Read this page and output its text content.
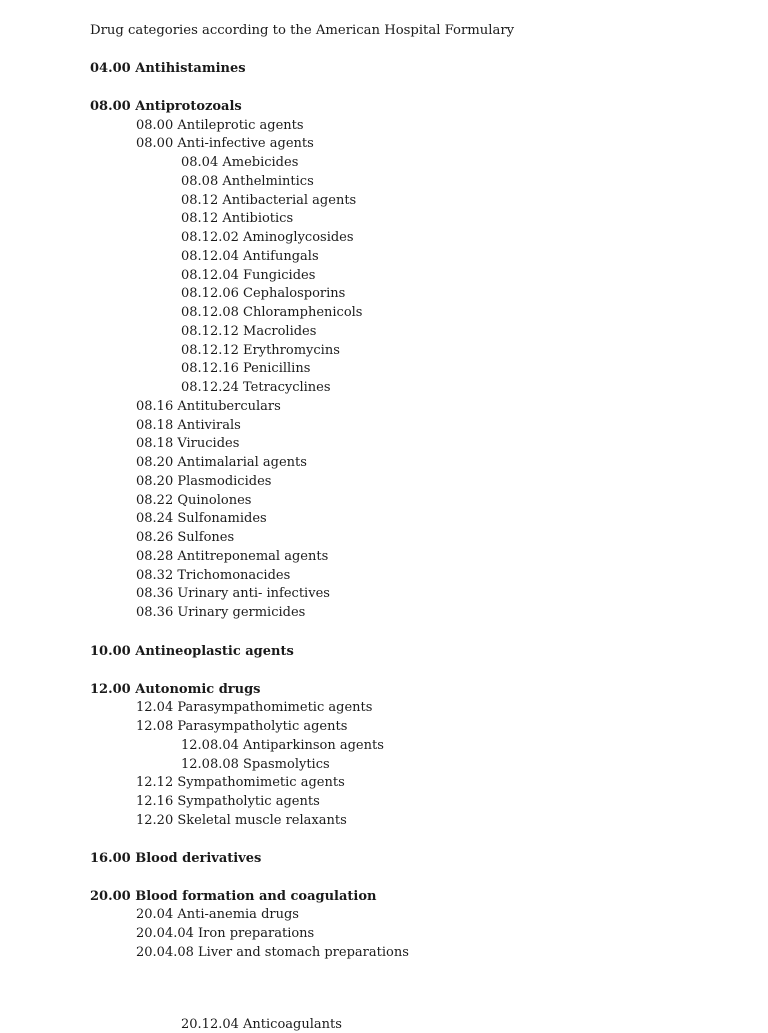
Drug categories according to the American Hospital Formulary
04.00 Antihistamines
08.00 Antiprotozoals
08.00 Antileprotic agents
08.00 Anti-infective agents
08.04 Amebicides
08.08 Anthelmintics
08.12 Antibacterial agents
08.12 Antibiotics
08.12.02 Aminoglycosides
08.12.04 Antifungals
08.12.04 Fungicides
08.12.06 Cephalosporins
08.12.08 Chloramphenicols
08.12.12 Macrolides
08.12.12 Erythromycins
08.12.16 Penicillins
08.12.24 Tetracyclines
08.16 Antituberculars
08.18 Antivirals
08.18 Virucides
08.20 Antimalarial agents
08.20 Plasmodicides
08.22 Quinolones
08.24 Sulfonamides
08.26 Sulfones
08.28 Antitreponemal agents
08.32 Trichomonacides
08.36 Urinary anti- infectives
08.36 Urinary germicides
10.00 Antineoplastic agents
12.00 Autonomic drugs
12.04 Parasympathomimetic agents
12.08 Parasympatholytic agents
12.08.04 Antiparkinson agents
12.08.08 Spasmolytics
12.12 Sympathomimetic agents
12.16 Sympatholytic agents
12.20 Skeletal muscle relaxants
16.00 Blood derivatives
20.00 Blood formation and coagulation
20.04 Anti-anemia drugs
20.04.04 Iron preparations
20.04.08 Liver and stomach preparations
20.12.04 Anticoagulants
